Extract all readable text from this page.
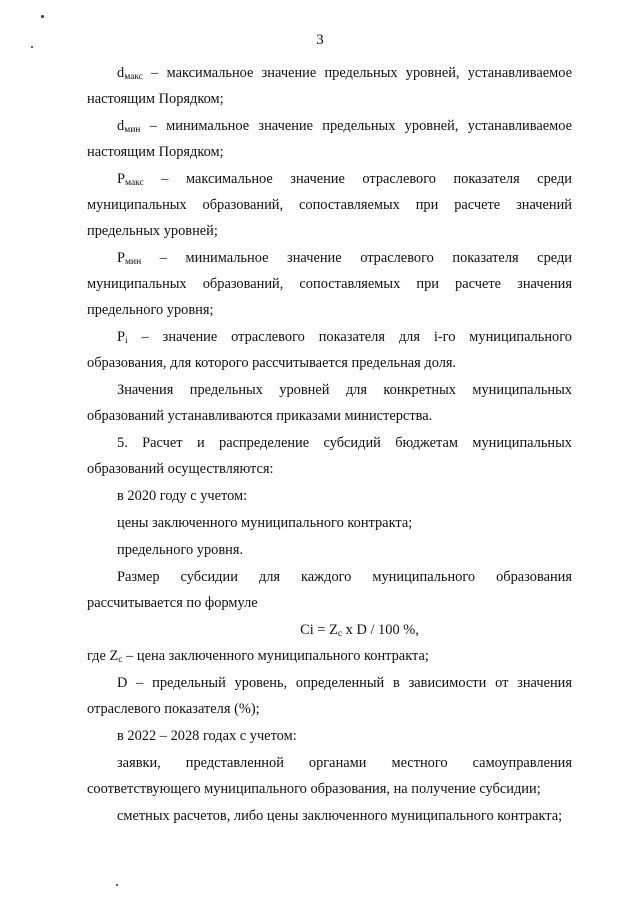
3

$d_{макс}$ – максимальное значение предельных уровней, устанавливаемое настоящим Порядком;

$d_{мин}$ – минимальное значение предельных уровней, устанавливаемое настоящим Порядком;

$P_{макс}$ – максимальное значение отраслевого показателя среди муниципальных образований, сопоставляемых при расчете значений предельных уровней;

$P_{мин}$ – минимальное значение отраслевого показателя среди муниципальных образований, сопоставляемых при расчете значения предельного уровня;

$P_i$ – значение отраслевого показателя для i-го муниципального образования, для которого рассчитывается предельная доля.

Значения предельных уровней для конкретных муниципальных образований устанавливаются приказами министерства.

5. Расчет и распределение субсидий бюджетам муниципальных образований осуществляются:

в 2020 году с учетом:

цены заключенного муниципального контракта;

предельного уровня.

Размер субсидии для каждого муниципального образования рассчитывается по формуле

$Ci = Z_c$ x D / 100 %,

где $Z_c$ – цена заключенного муниципального контракта;

D – предельный уровень, определенный в зависимости от значения отраслевого показателя (%);

в 2022 – 2028 годах с учетом:

заявки, представленной органами местного самоуправления соответствующего муниципального образования, на получение субсидии;

сметных расчетов, либо цены заключенного муниципального контракта;
